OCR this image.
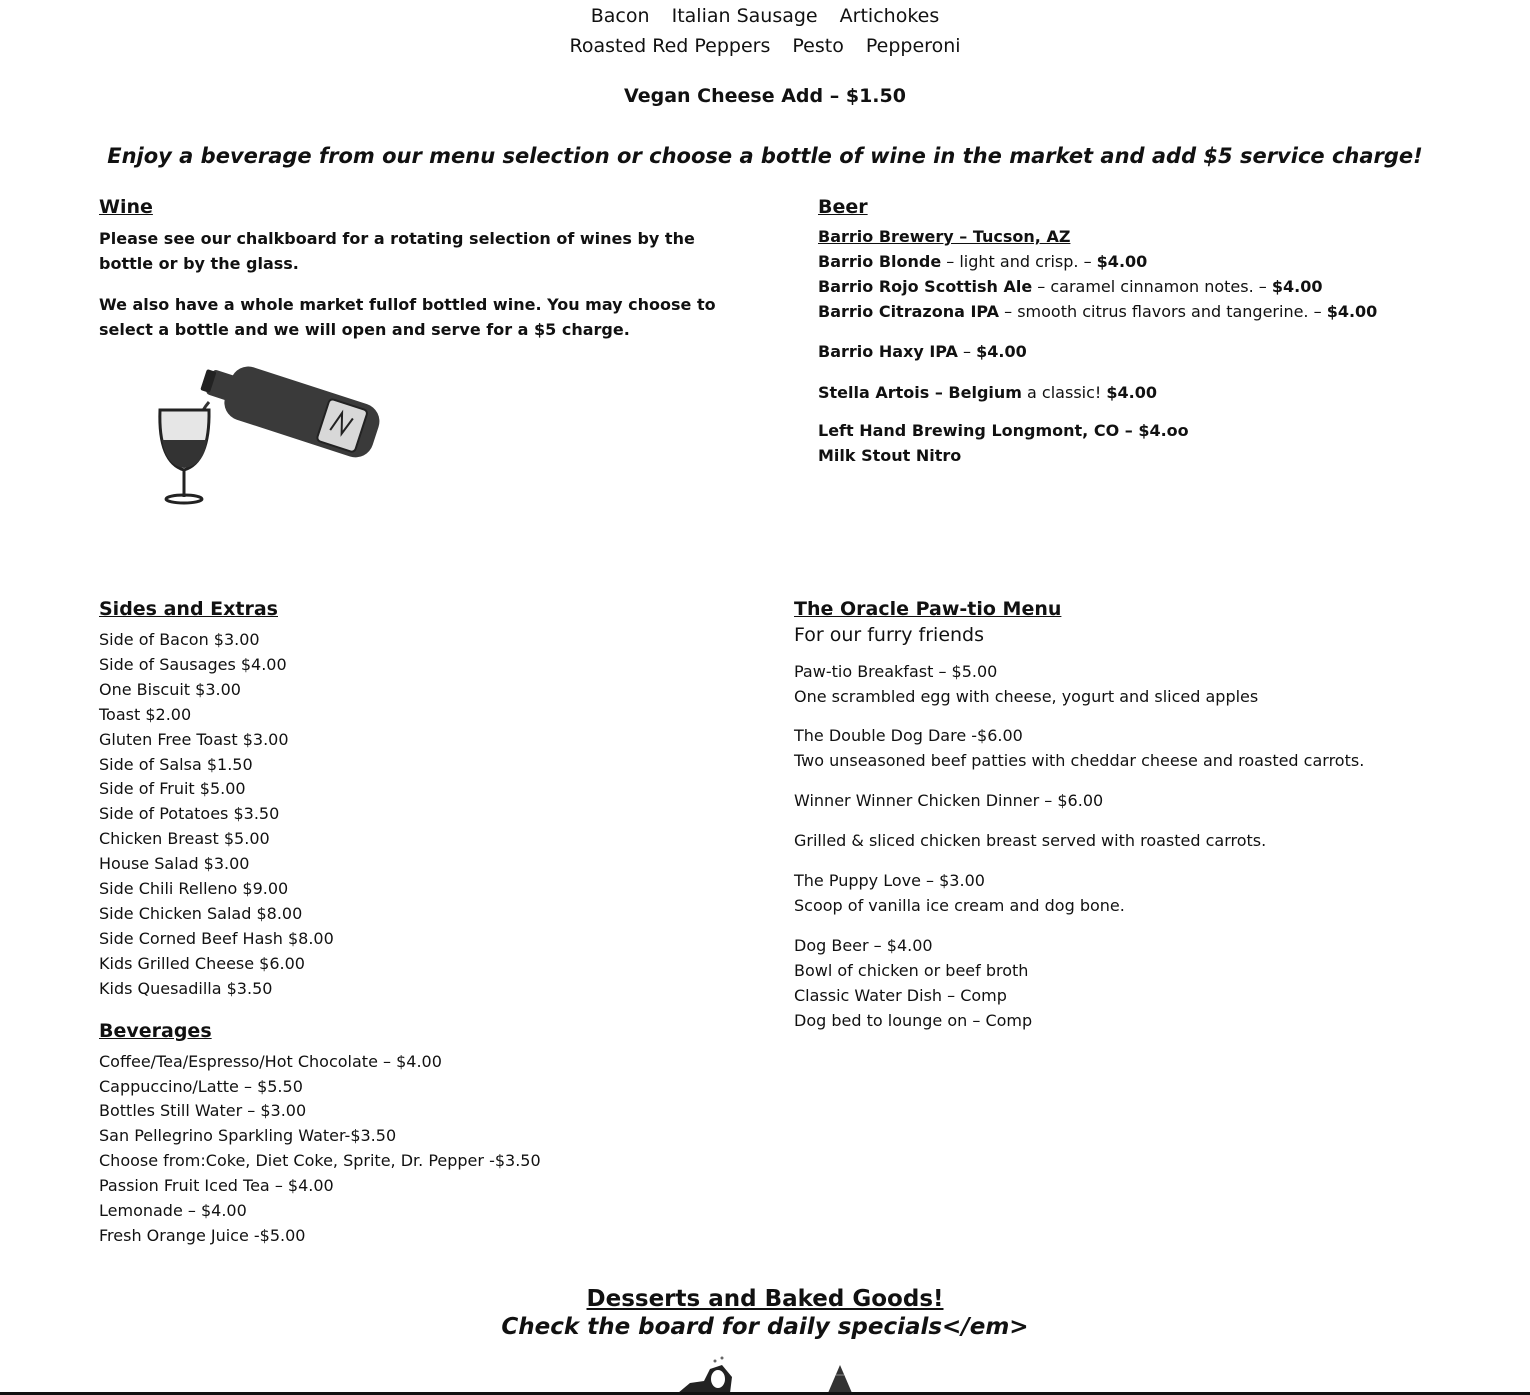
Bacon Italian Sausage Artichokes
Roasted Red Peppers Pesto Pepperoni
Vegan Cheese Add – $1.50
Enjoy a beverage from our menu selection or choose a bottle of wine in the market and add $5 service charge!
Wine

Please see our chalkboard for a rotating selection of wines by the bottle or by the glass.

We also have a whole market fullof bottled wine. You may choose to select a bottle and we will open and serve for a $5 charge.

Beer
Barrio Brewery – Tucson, AZ
Barrio Blonde – light and crisp. – $4.00
Barrio Rojo Scottish Ale – caramel cinnamon notes. – $4.00
Barrio Citrazona IPA – smooth citrus flavors and tangerine. – $4.00
Barrio Haxy IPA – $4.00
Stella Artois – Belgium a classic! $4.00
Left Hand Brewing Longmont, CO – $4.oo
Milk Stout Nitro
Sides and Extras
Side of Bacon $3.00
Side of Sausages $4.00
One Biscuit $3.00
Toast $2.00
Gluten Free Toast $3.00
Side of Salsa $1.50
Side of Fruit $5.00
Side of Potatoes $3.50
Chicken Breast $5.00
House Salad $3.00
Side Chili Relleno $9.00
Side Chicken Salad $8.00
Side Corned Beef Hash $8.00
Kids Grilled Cheese $6.00
Kids Quesadilla $3.50
Beverages
Coffee/Tea/Espresso/Hot Chocolate – $4.00
Cappuccino/Latte – $5.50
Bottles Still Water – $3.00
San Pellegrino Sparkling Water-$3.50
Choose from:Coke, Diet Coke, Sprite, Dr. Pepper -$3.50
Passion Fruit Iced Tea – $4.00
Lemonade – $4.00
Fresh Orange Juice -$5.00
The Oracle Paw-tio Menu
For our furry friends
Paw-tio Breakfast – $5.00
One scrambled egg with cheese, yogurt and sliced apples
The Double Dog Dare -$6.00
Two unseasoned beef patties with cheddar cheese and roasted carrots.
Winner Winner Chicken Dinner – $6.00
Grilled & sliced chicken breast served with roasted carrots.
The Puppy Love – $3.00
Scoop of vanilla ice cream and dog bone.
Dog Beer – $4.00
Bowl of chicken or beef broth
Classic Water Dish – Comp
Dog bed to lounge on – Comp
Desserts and Baked Goods!
Check the board for daily specials</em>
